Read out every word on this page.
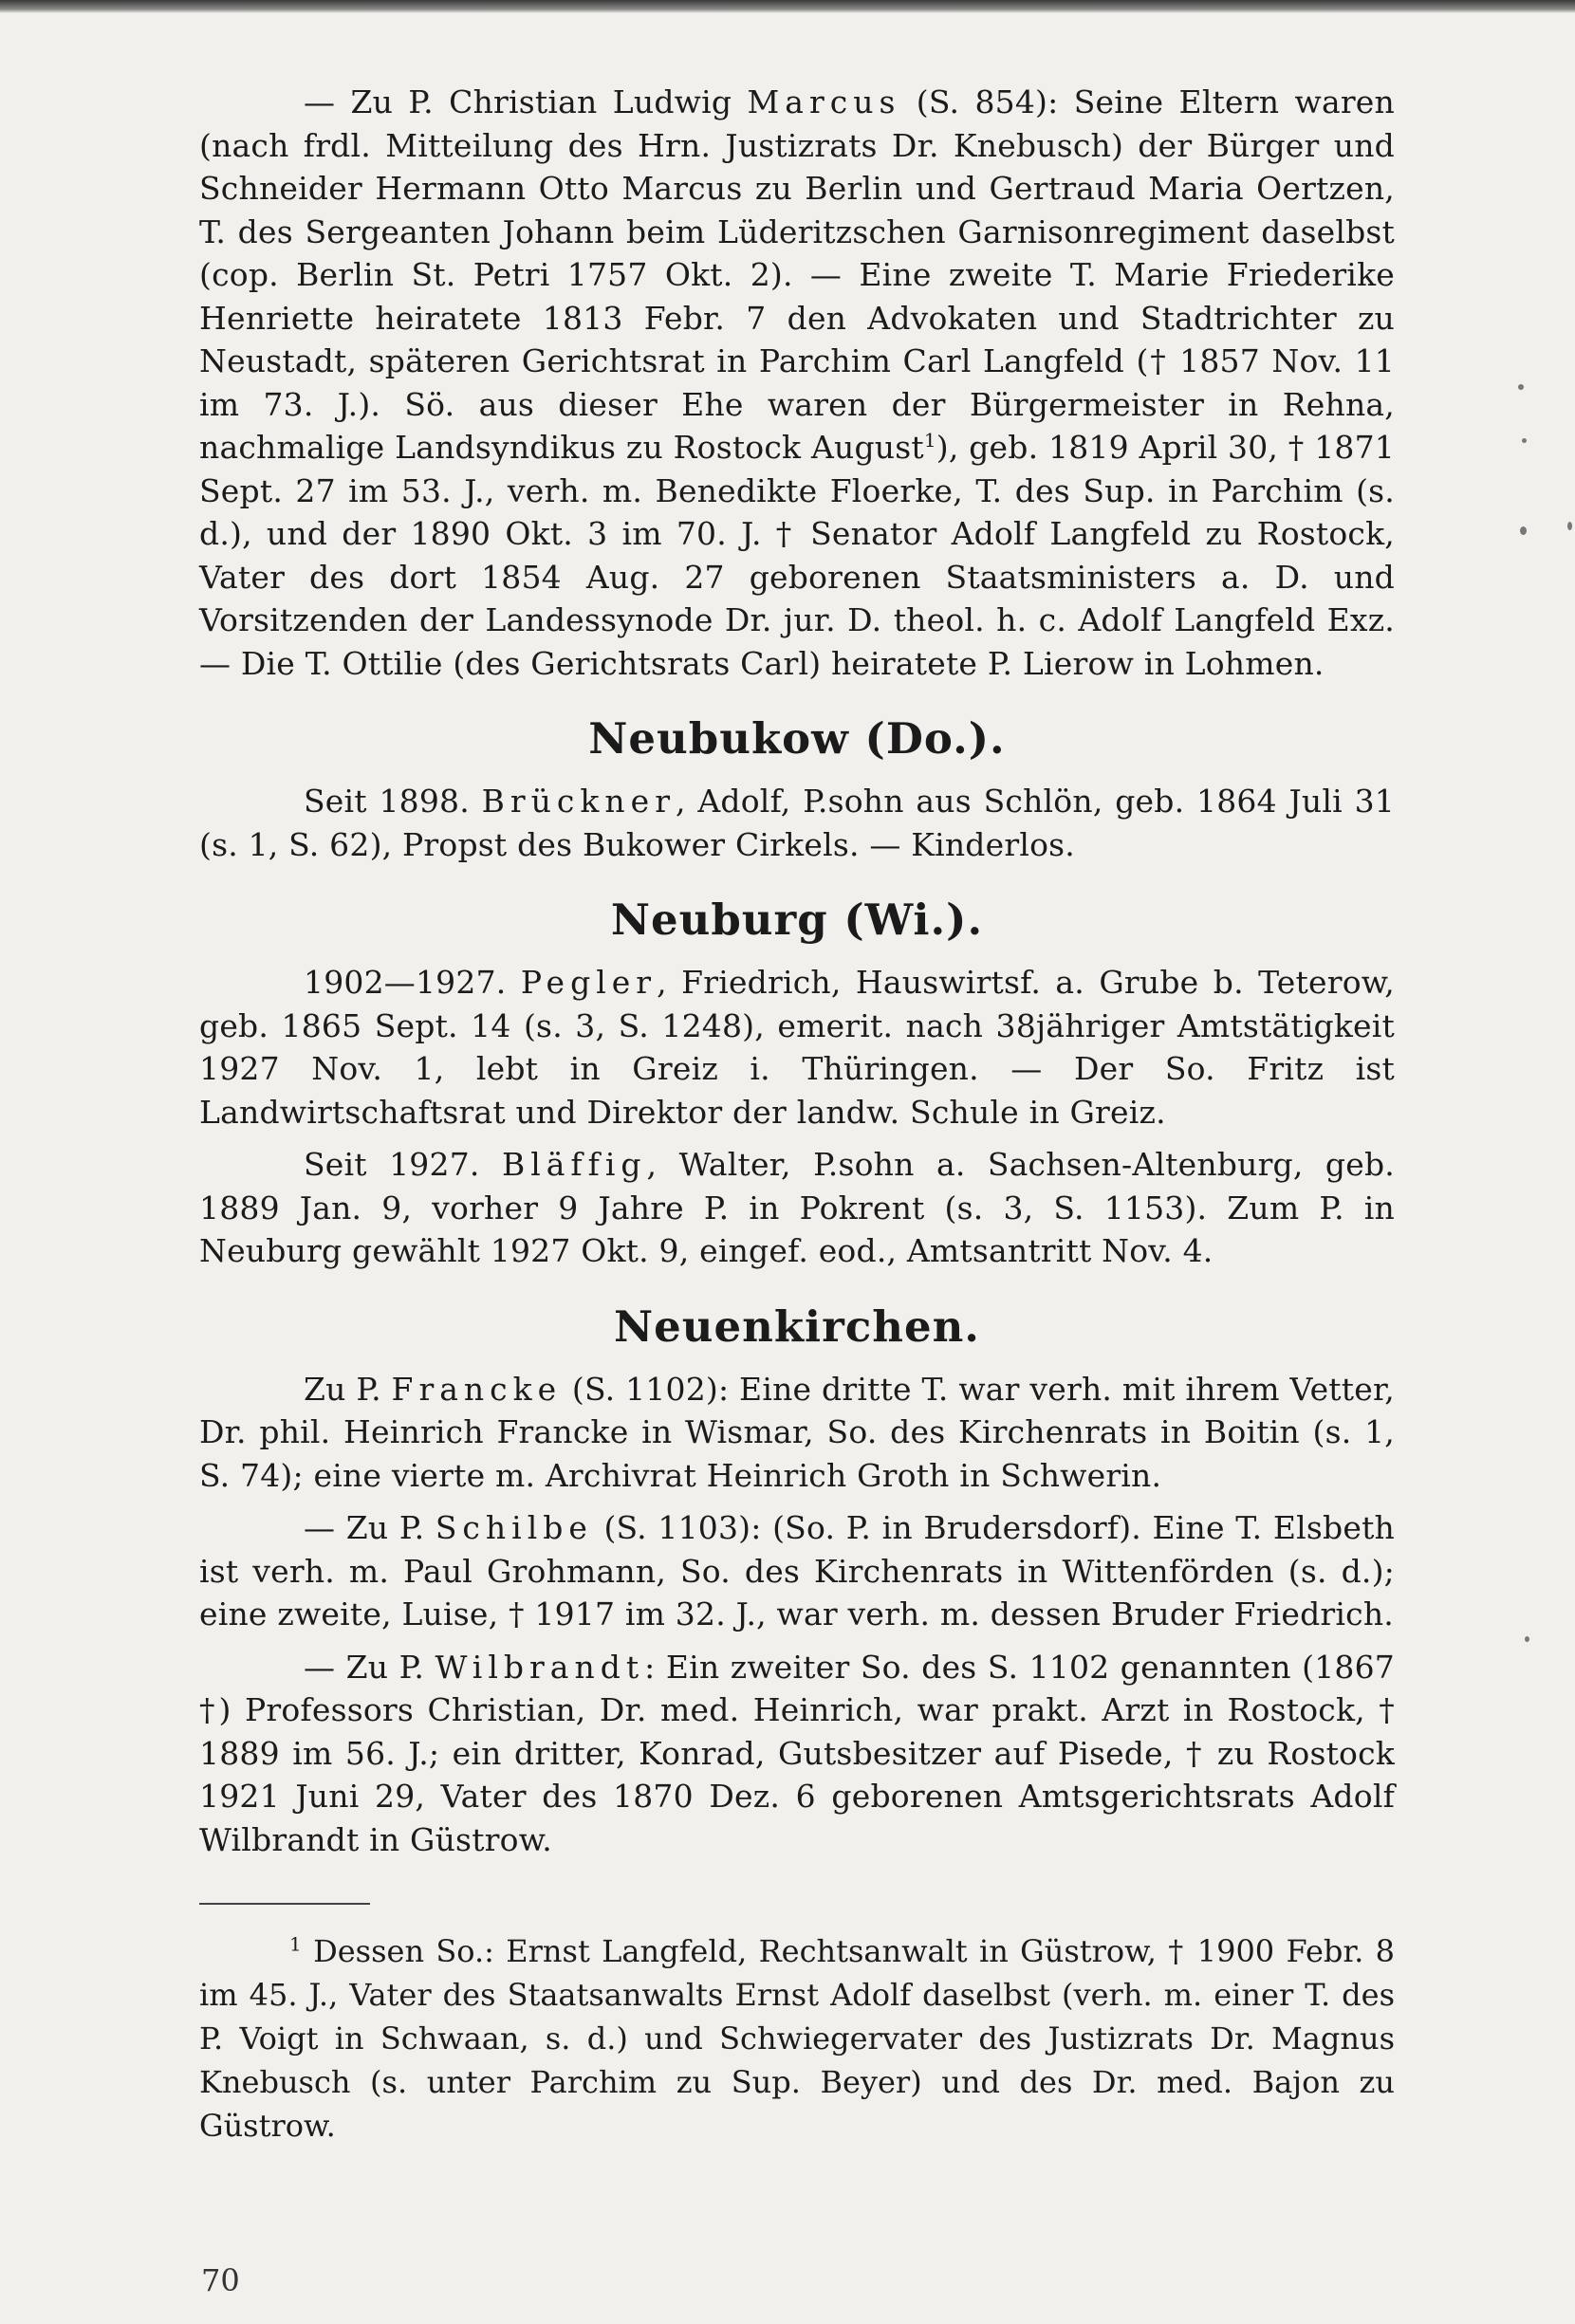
— Zu P. Christian Ludwig Marcus (S. 854): Seine Eltern waren (nach frdl. Mitteilung des Hrn. Justizrats Dr. Knebusch) der Bürger und Schneider Hermann Otto Marcus zu Berlin und Gertraud Maria Oertzen, T. des Sergeanten Johann beim Lüderitzschen Garnisonregiment daselbst (cop. Berlin St. Petri 1757 Okt. 2). — Eine zweite T. Marie Friederike Henriette heiratete 1813 Febr. 7 den Advokaten und Stadtrichter zu Neustadt, späteren Gerichtsrat in Parchim Carl Langfeld († 1857 Nov. 11 im 73. J.). Sö. aus dieser Ehe waren der Bürgermeister in Rehna, nachmalige Landsyndikus zu Rostock August$^1$), geb. 1819 April 30, † 1871 Sept. 27 im 53. J., verh. m. Benedikte Floerke, T. des Sup. in Parchim (s. d.), und der 1890 Okt. 3 im 70. J. † Senator Adolf Langfeld zu Rostock, Vater des dort 1854 Aug. 27 geborenen Staatsministers a. D. und Vorsitzenden der Landessynode Dr. jur. D. theol. h. c. Adolf Langfeld Exz. — Die T. Ottilie (des Gerichtsrats Carl) heiratete P. Lierow in Lohmen.

Neubukow (Do.).

Seit 1898. Brückner, Adolf, P.sohn aus Schlön, geb. 1864 Juli 31 (s. 1, S. 62), Propst des Bukower Cirkels. — Kinderlos.

Neuburg (Wi.).

1902—1927. Pegler, Friedrich, Hauswirtsf. a. Grube b. Teterow, geb. 1865 Sept. 14 (s. 3, S. 1248), emerit. nach 38jähriger Amtstätigkeit 1927 Nov. 1, lebt in Greiz i. Thüringen. — Der So. Fritz ist Landwirtschaftsrat und Direktor der landw. Schule in Greiz.

Seit 1927. Bläffig, Walter, P.sohn a. Sachsen-Altenburg, geb. 1889 Jan. 9, vorher 9 Jahre P. in Pokrent (s. 3, S. 1153). Zum P. in Neuburg gewählt 1927 Okt. 9, eingef. eod., Amtsantritt Nov. 4.

Neuenkirchen.

Zu P. Francke (S. 1102): Eine dritte T. war verh. mit ihrem Vetter, Dr. phil. Heinrich Francke in Wismar, So. des Kirchenrats in Boitin (s. 1, S. 74); eine vierte m. Archivrat Heinrich Groth in Schwerin.

— Zu P. Schilbe (S. 1103): (So. P. in Brudersdorf). Eine T. Elsbeth ist verh. m. Paul Grohmann, So. des Kirchenrats in Wittenförden (s. d.); eine zweite, Luise, † 1917 im 32. J., war verh. m. dessen Bruder Friedrich.

— Zu P. Wilbrandt: Ein zweiter So. des S. 1102 genannten (1867 †) Professors Christian, Dr. med. Heinrich, war prakt. Arzt in Rostock, † 1889 im 56. J.; ein dritter, Konrad, Gutsbesitzer auf Pisede, † zu Rostock 1921 Juni 29, Vater des 1870 Dez. 6 geborenen Amtsgerichtsrats Adolf Wilbrandt in Güstrow.

$^1$ Dessen So.: Ernst Langfeld, Rechtsanwalt in Güstrow, † 1900 Febr. 8 im 45. J., Vater des Staatsanwalts Ernst Adolf daselbst (verh. m. einer T. des P. Voigt in Schwaan, s. d.) und Schwiegervater des Justizrats Dr. Magnus Knebusch (s. unter Parchim zu Sup. Beyer) und des Dr. med. Bajon zu Güstrow.

70
